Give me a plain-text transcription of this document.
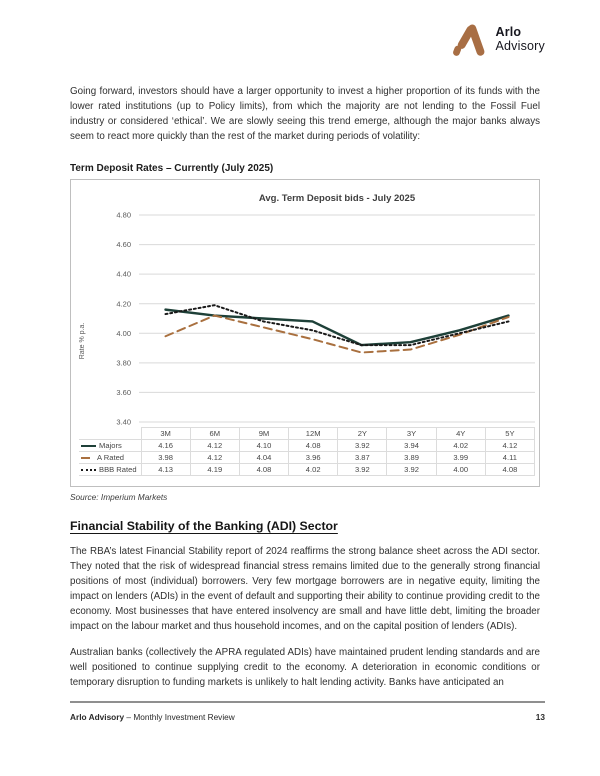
Arlo
Advisory

Going forward, investors should have a larger opportunity to invest a higher proportion of its funds with the lower rated institutions (up to Policy limits), from which the majority are not lending to the Fossil Fuel industry or considered ‘ethical’. We are slowly seeing this trend emerge, although the major banks always seem to react more quickly than the rest of the market during periods of volatility:

Term Deposit Rates – Currently (July 2025)
Avg. Term Deposit bids - July 2025
Rate % p.a.
4.80
4.60
4.40
4.20
4.00
3.80
3.60
3.40
	3M	6M	9M	12M	2Y	3Y	4Y	5Y

Majors	4.16	4.12	4.10	4.08	3.92	3.94	4.02	4.12

A Rated	3.98	4.12	4.04	3.96	3.87	3.89	3.99	4.11

BBB Rated	4.13	4.19	4.08	4.02	3.92	3.92	4.00	4.08

Source: Imperium Markets

Financial Stability of the Banking (ADI) Sector

The RBA’s latest Financial Stability report of 2024 reaffirms the strong balance sheet across the ADI sector. They noted that the risk of widespread financial stress remains limited due to the generally strong financial positions of most (individual) borrowers. Very few mortgage borrowers are in negative equity, limiting the impact on lenders (ADIs) in the event of default and supporting their ability to continue providing credit to the economy. Most businesses that have entered insolvency are small and have little debt, limiting the broader impact on the labour market and thus household incomes, and on the capital position of lenders (ADIs).

Australian banks (collectively the APRA regulated ADIs) have maintained prudent lending standards and are well positioned to continue supplying credit to the economy. A deterioration in economic conditions or temporary disruption to funding markets is unlikely to halt lending activity. Banks have anticipated an

Arlo Advisory – Monthly Investment Review	13
